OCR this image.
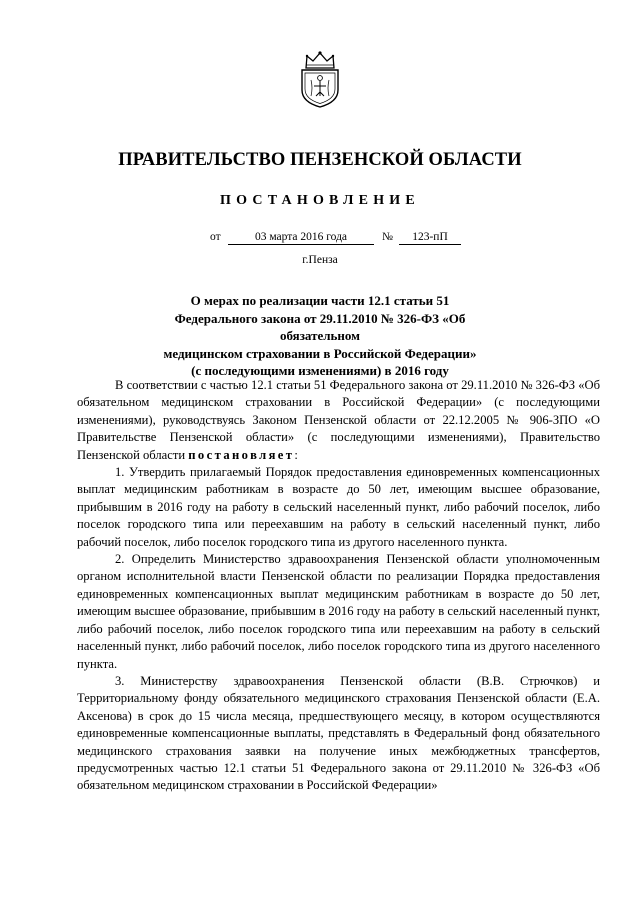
ПРАВИТЕЛЬСТВО ПЕНЗЕНСКОЙ ОБЛАСТИ
ПОСТАНОВЛЕНИЕ
от	03 марта 2016 года	№	123-пП
г.Пенза
О мерах по реализации части 12.1 статьи 51
Федерального закона от 29.11.2010 № 326-ФЗ «Об обязательном
медицинском страховании в Российской Федерации»
(с последующими изменениями) в 2016 году

В соответствии с частью 12.1 статьи 51 Федерального закона от 29.11.2010 № 326-ФЗ «Об обязательном медицинском страховании в Российской Федерации» (с последующими изменениями), руководствуясь Законом Пензенской области от 22.12.2005 № 906-ЗПО «О Правительстве Пензенской области» (с последующими изменениями), Правительство Пензенской области постановляет:

1. Утвердить прилагаемый Порядок предоставления единовременных компенсационных выплат медицинским работникам в возрасте до 50 лет, имеющим высшее образование, прибывшим в 2016 году на работу в сельский населенный пункт, либо рабочий поселок, либо поселок городского типа или переехавшим на работу в сельский населенный пункт, либо рабочий поселок, либо поселок городского типа из другого населенного пункта.

2. Определить Министерство здравоохранения Пензенской области уполномоченным органом исполнительной власти Пензенской области по реализации Порядка предоставления единовременных компенсационных выплат медицинским работникам в возрасте до 50 лет, имеющим высшее образование, прибывшим в 2016 году на работу в сельский населенный пункт, либо рабочий поселок, либо поселок городского типа или переехавшим на работу в сельский населенный пункт, либо рабочий поселок, либо поселок городского типа из другого населенного пункта.

3. Министерству здравоохранения Пензенской области (В.В. Стрючков) и Территориальному фонду обязательного медицинского страхования Пензенской области (Е.А. Аксенова) в срок до 15 числа месяца, предшествующего месяцу, в котором осуществляются единовременные компенсационные выплаты, представлять в Федеральный фонд обязательного медицинского страхования заявки на получение иных межбюджетных трансфертов, предусмотренных частью 12.1 статьи 51 Федерального закона от 29.11.2010 № 326-ФЗ «Об обязательном медицинском страховании в Российской Федерации»
